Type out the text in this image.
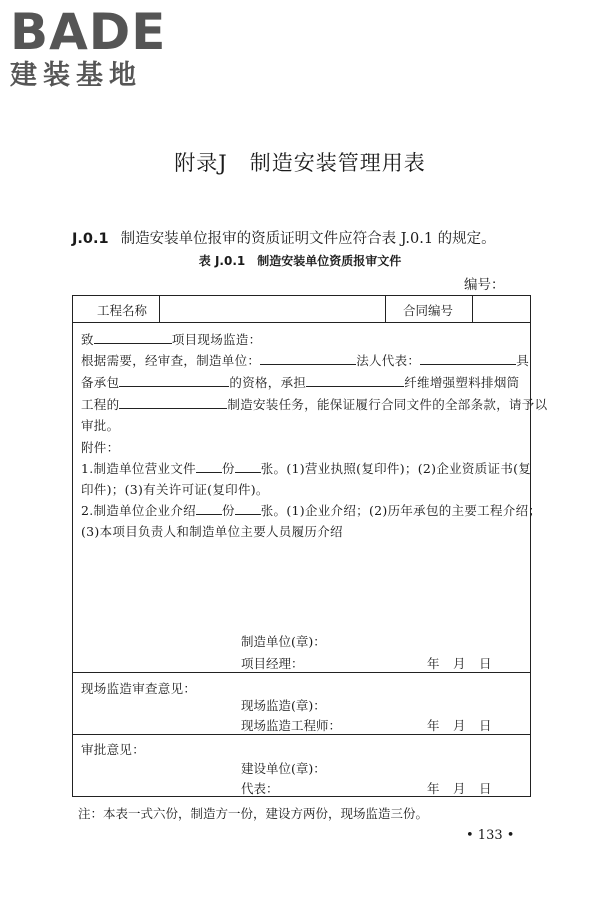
BADE
建装基地
附录J　制造安装管理用表
J.0.1 制造安装单位报审的资质证明文件应符合表 J.0.1 的规定。
表 J.0.1　制造安装单位资质报审文件
编号：
工程名称	合同编号
致	项目现场监造：
根据需要，经审查，制造单位：	法人代表：	具
备承包	的资格，承担	纤维增强塑料排烟筒
工程的	制造安装任务，能保证履行合同文件的全部条款，请予以
审批。
附件：
1.制造单位营业文件 份 张。(1)营业执照(复印件)；(2)企业资质证书(复
印件)；(3)有关许可证(复印件)。
2.制造单位企业介绍 份 张。(1)企业介绍；(2)历年承包的主要工程介绍；
(3)本项目负责人和制造单位主要人员履历介绍
制造单位(章)：
项目经理：	年 月 日
现场监造审查意见：
现场监造(章)：
现场监造工程师：	年 月 日
审批意见：
建设单位(章)：
代表：	年 月 日
注：本表一式六份，制造方一份，建设方两份，现场监造三份。
• 133 •
